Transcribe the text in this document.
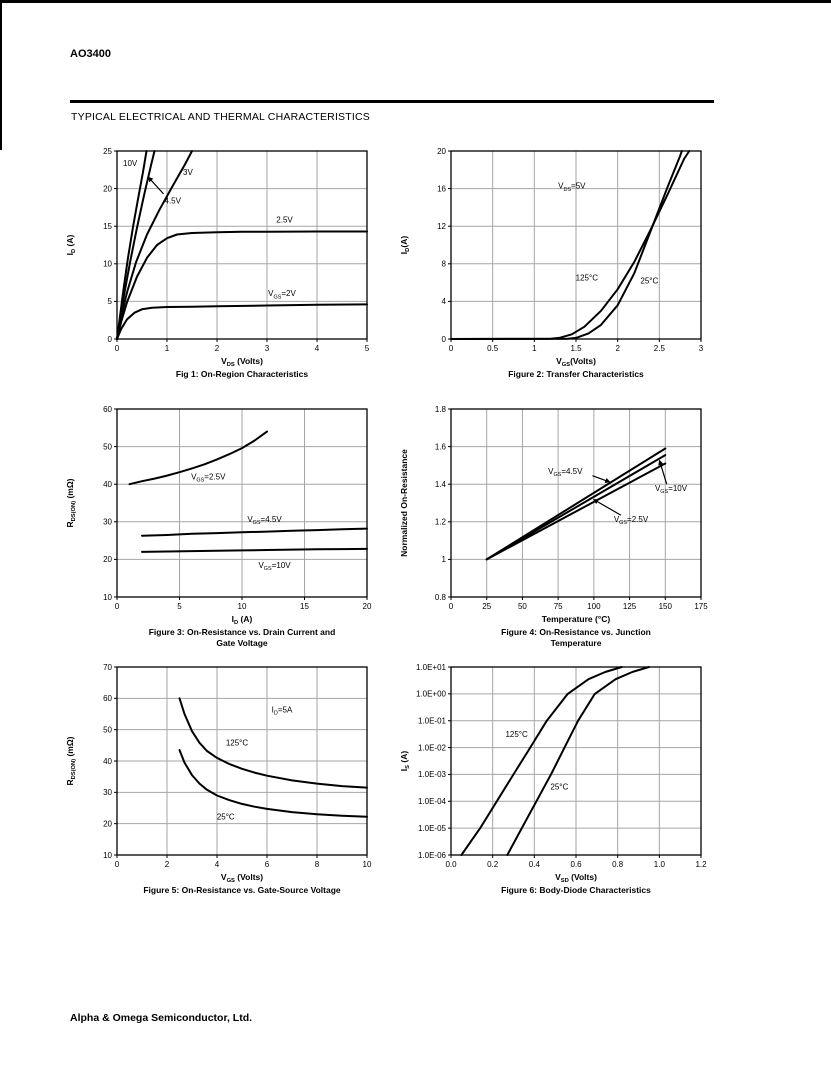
AO3400
TYPICAL ELECTRICAL AND THERMAL CHARACTERISTICS
10V
3V
4.5V
2.5V
$V_{GS}=2V$
0	1	2	3	4	5
0
5
10
15
20
25
$V_{DS}$ (Volts)
$I_D$ (A)
Fig 1: On-Region Characteristics
$V_{DS}=5V$
125°C	25°C
0	0.5	1	1.5	2	2.5	3
0
4
8
12
16
20
$V_{GS}(Volts)$
$I_D(A)$
Figure 2: Transfer Characteristics
$V_{GS}=2.5V$
$V_{GS}=4.5V$
$V_{GS}=10V$
0	5	10	15	20
10
20
30
40
50
60
$I_D$ (A)
$R_{DS(ON)}$ (mΩ)
Figure 3: On-Resistance vs. Drain Current and
Gate Voltage
$V_{GS}=4.5V$
$V_{GS}=10V$
$V_{GS}=2.5V$
0	25	50	75	100	125	150	175
0.8
1
1.2
1.4
1.6
1.8
Temperature (°C)
Normalized On-Resistance
Figure 4: On-Resistance vs. Junction
Temperature
$I_D=5A$
125°C
25°C
0	2	4	6	8	10
10
20
30
40
50
60
70
$V_{GS}$ (Volts)
$R_{DS(ON)}$ (mΩ)
Figure 5: On-Resistance vs. Gate-Source Voltage
125°C
25°C
0.0	0.2	0.4	0.6	0.8	1.0	1.2
1.0E+01
1.0E+00
1.0E-01
1.0E-02
1.0E-03
1.0E-04
1.0E-05
1.0E-06
$V_{SD}$ (Volts)
$I_S$ (A)
Figure 6: Body-Diode Characteristics
Alpha & Omega Semiconductor, Ltd.
